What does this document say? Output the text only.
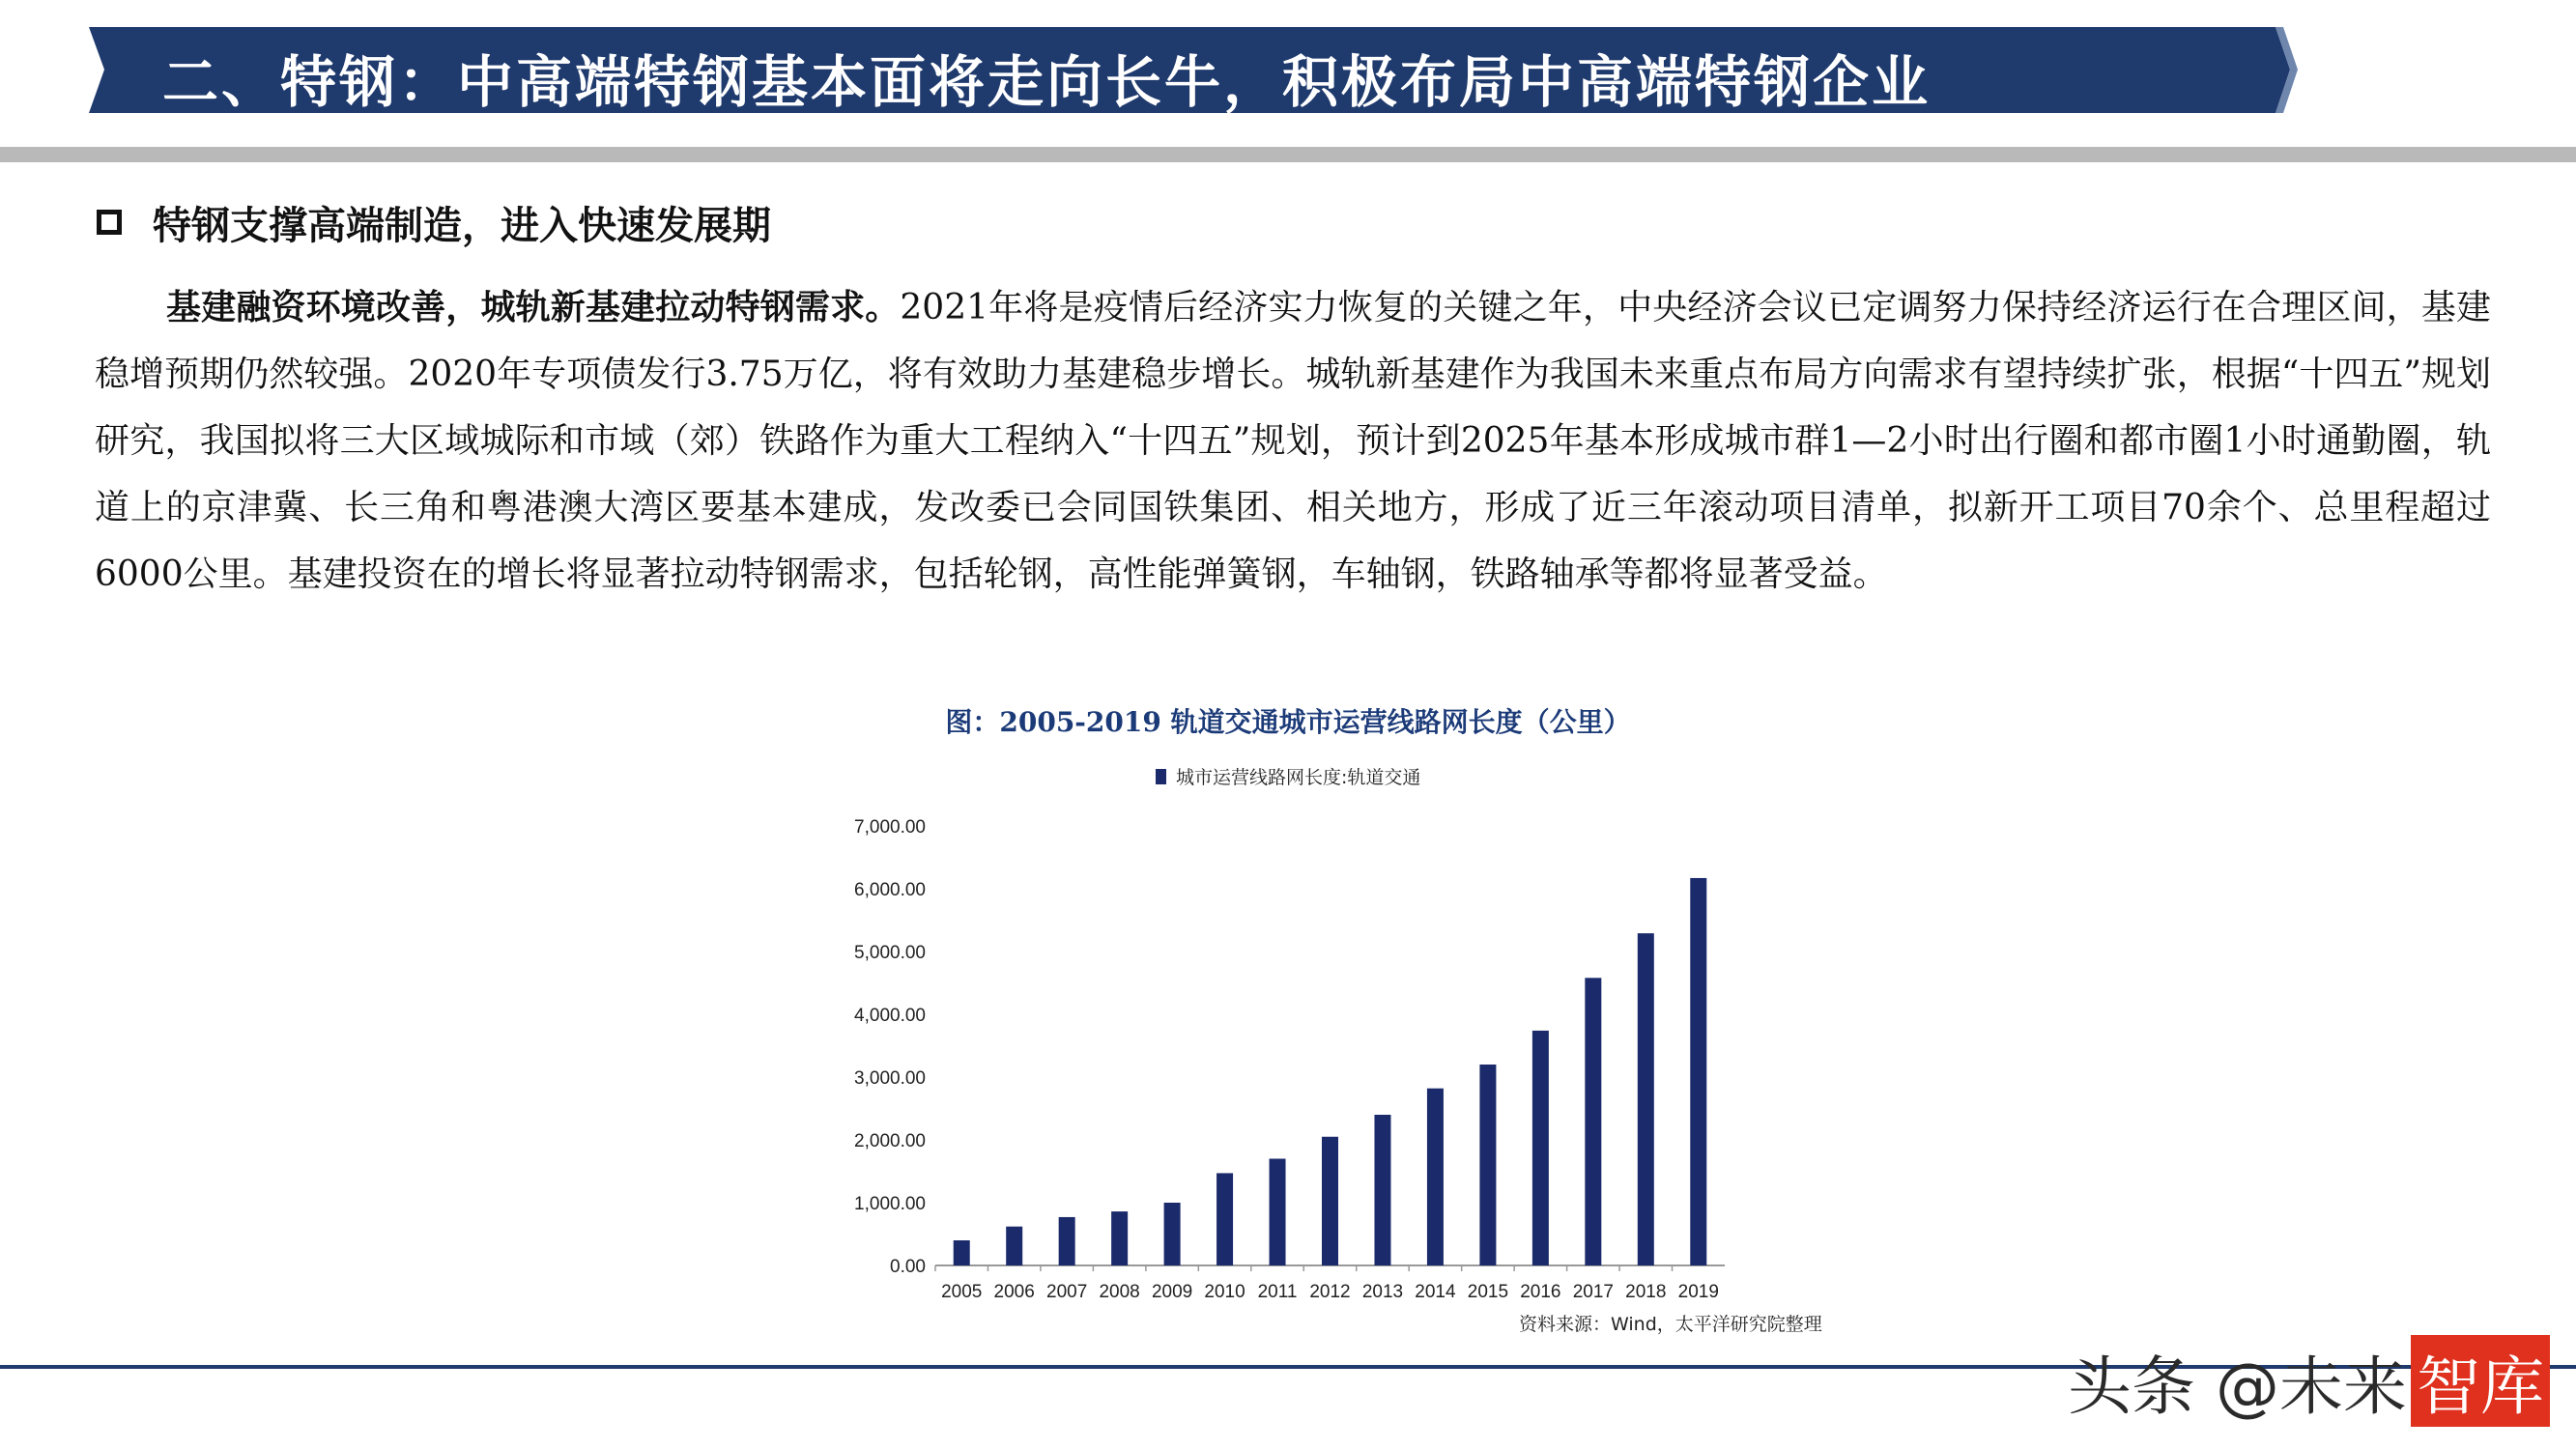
二、特钢：中高端特钢基本面将走向长牛，积极布局中高端特钢企业
特钢支撑高端制造，进入快速发展期
基建融资环境改善，城轨新基建拉动特钢需求。2021年将是疫情后经济实力恢复的关键之年，中央经济会议已定调努力保持经济运行在合理区间，基建稳增预期仍然较强。2020年专项债发行3.75万亿，将有效助力基建稳步增长。城轨新基建作为我国未来重点布局方向需求有望持续扩张，根据“十四五”规划研究，我国拟将三大区域城际和市域（郊）铁路作为重大工程纳入“十四五”规划，预计到2025年基本形成城市群1—2小时出行圈和都市圈1小时通勤圈，轨道上的京津冀、长三角和粤港澳大湾区要基本建成，发改委已会同国铁集团、相关地方，形成了近三年滚动项目清单，拟新开工项目70余个、总里程超过6000公里。基建投资在的增长将显著拉动特钢需求，包括轮钢，高性能弹簧钢，车轴钢，铁路轴承等都将显著受益。
图：2005-2019 轨道交通城市运营线路网长度（公里）
城市运营线路网长度:轨道交通
0.00
1,000.00
2,000.00
3,000.00
4,000.00
5,000.00
6,000.00
7,000.00
2005 2006 2007 2008 2009 2010 2011 2012 2013 2014 2015 2016 2017 2018 2019
资料来源：Wind，太平洋研究院整理
头条 @未来 智库
